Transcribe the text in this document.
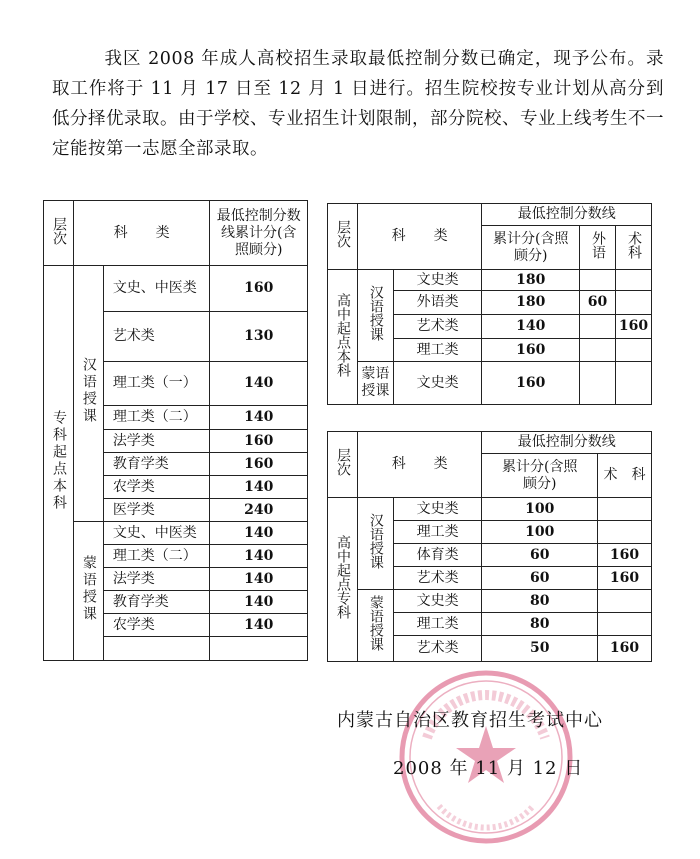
我区 2008 年成人高校招生录取最低控制分数已确定，现予公布。录取工作将于 11 月 17 日至 12 月 1 日进行。招生院校按专业计划从高分到低分择优录取。由于学校、专业招生计划限制，部分院校、专业上线考生不一定能按第一志愿全部录取。
层次	科　　类		最低控制分数线累计分(含照顾分)
专科起点本科	汉语授课	文史、中医类	160
		艺术类	130
		理工类（一）	140
		理工类（二）	140
		法学类	160
		教育学类	160
		农学类	140
		医学类	240
	蒙语授课	文史、中医类	140
		理工类（二）	140
		法学类	140
		教育学类	140
		农学类	140

层次	科　　类		最低控制分数线		
			累计分(含照顾分)	外语	术科
高中起点本科	汉语授课	文史类	180		
		外语类	180	60	
		艺术类	140		160
		理工类	160		

	蒙语授课	文史类	160		
层次	科　　类		最低控制分数线	
			累计分(含照顾分)	术　科
高中起点专科	汉语授课	文史类	100	
		理工类	100	
		体育类	60	160
		艺术类	60	160
	蒙语授课	文史类	80	
		理工类	80	
		艺术类	50	160
内蒙古自治区教育招生考试中心
2008 年 11 月 12 日
